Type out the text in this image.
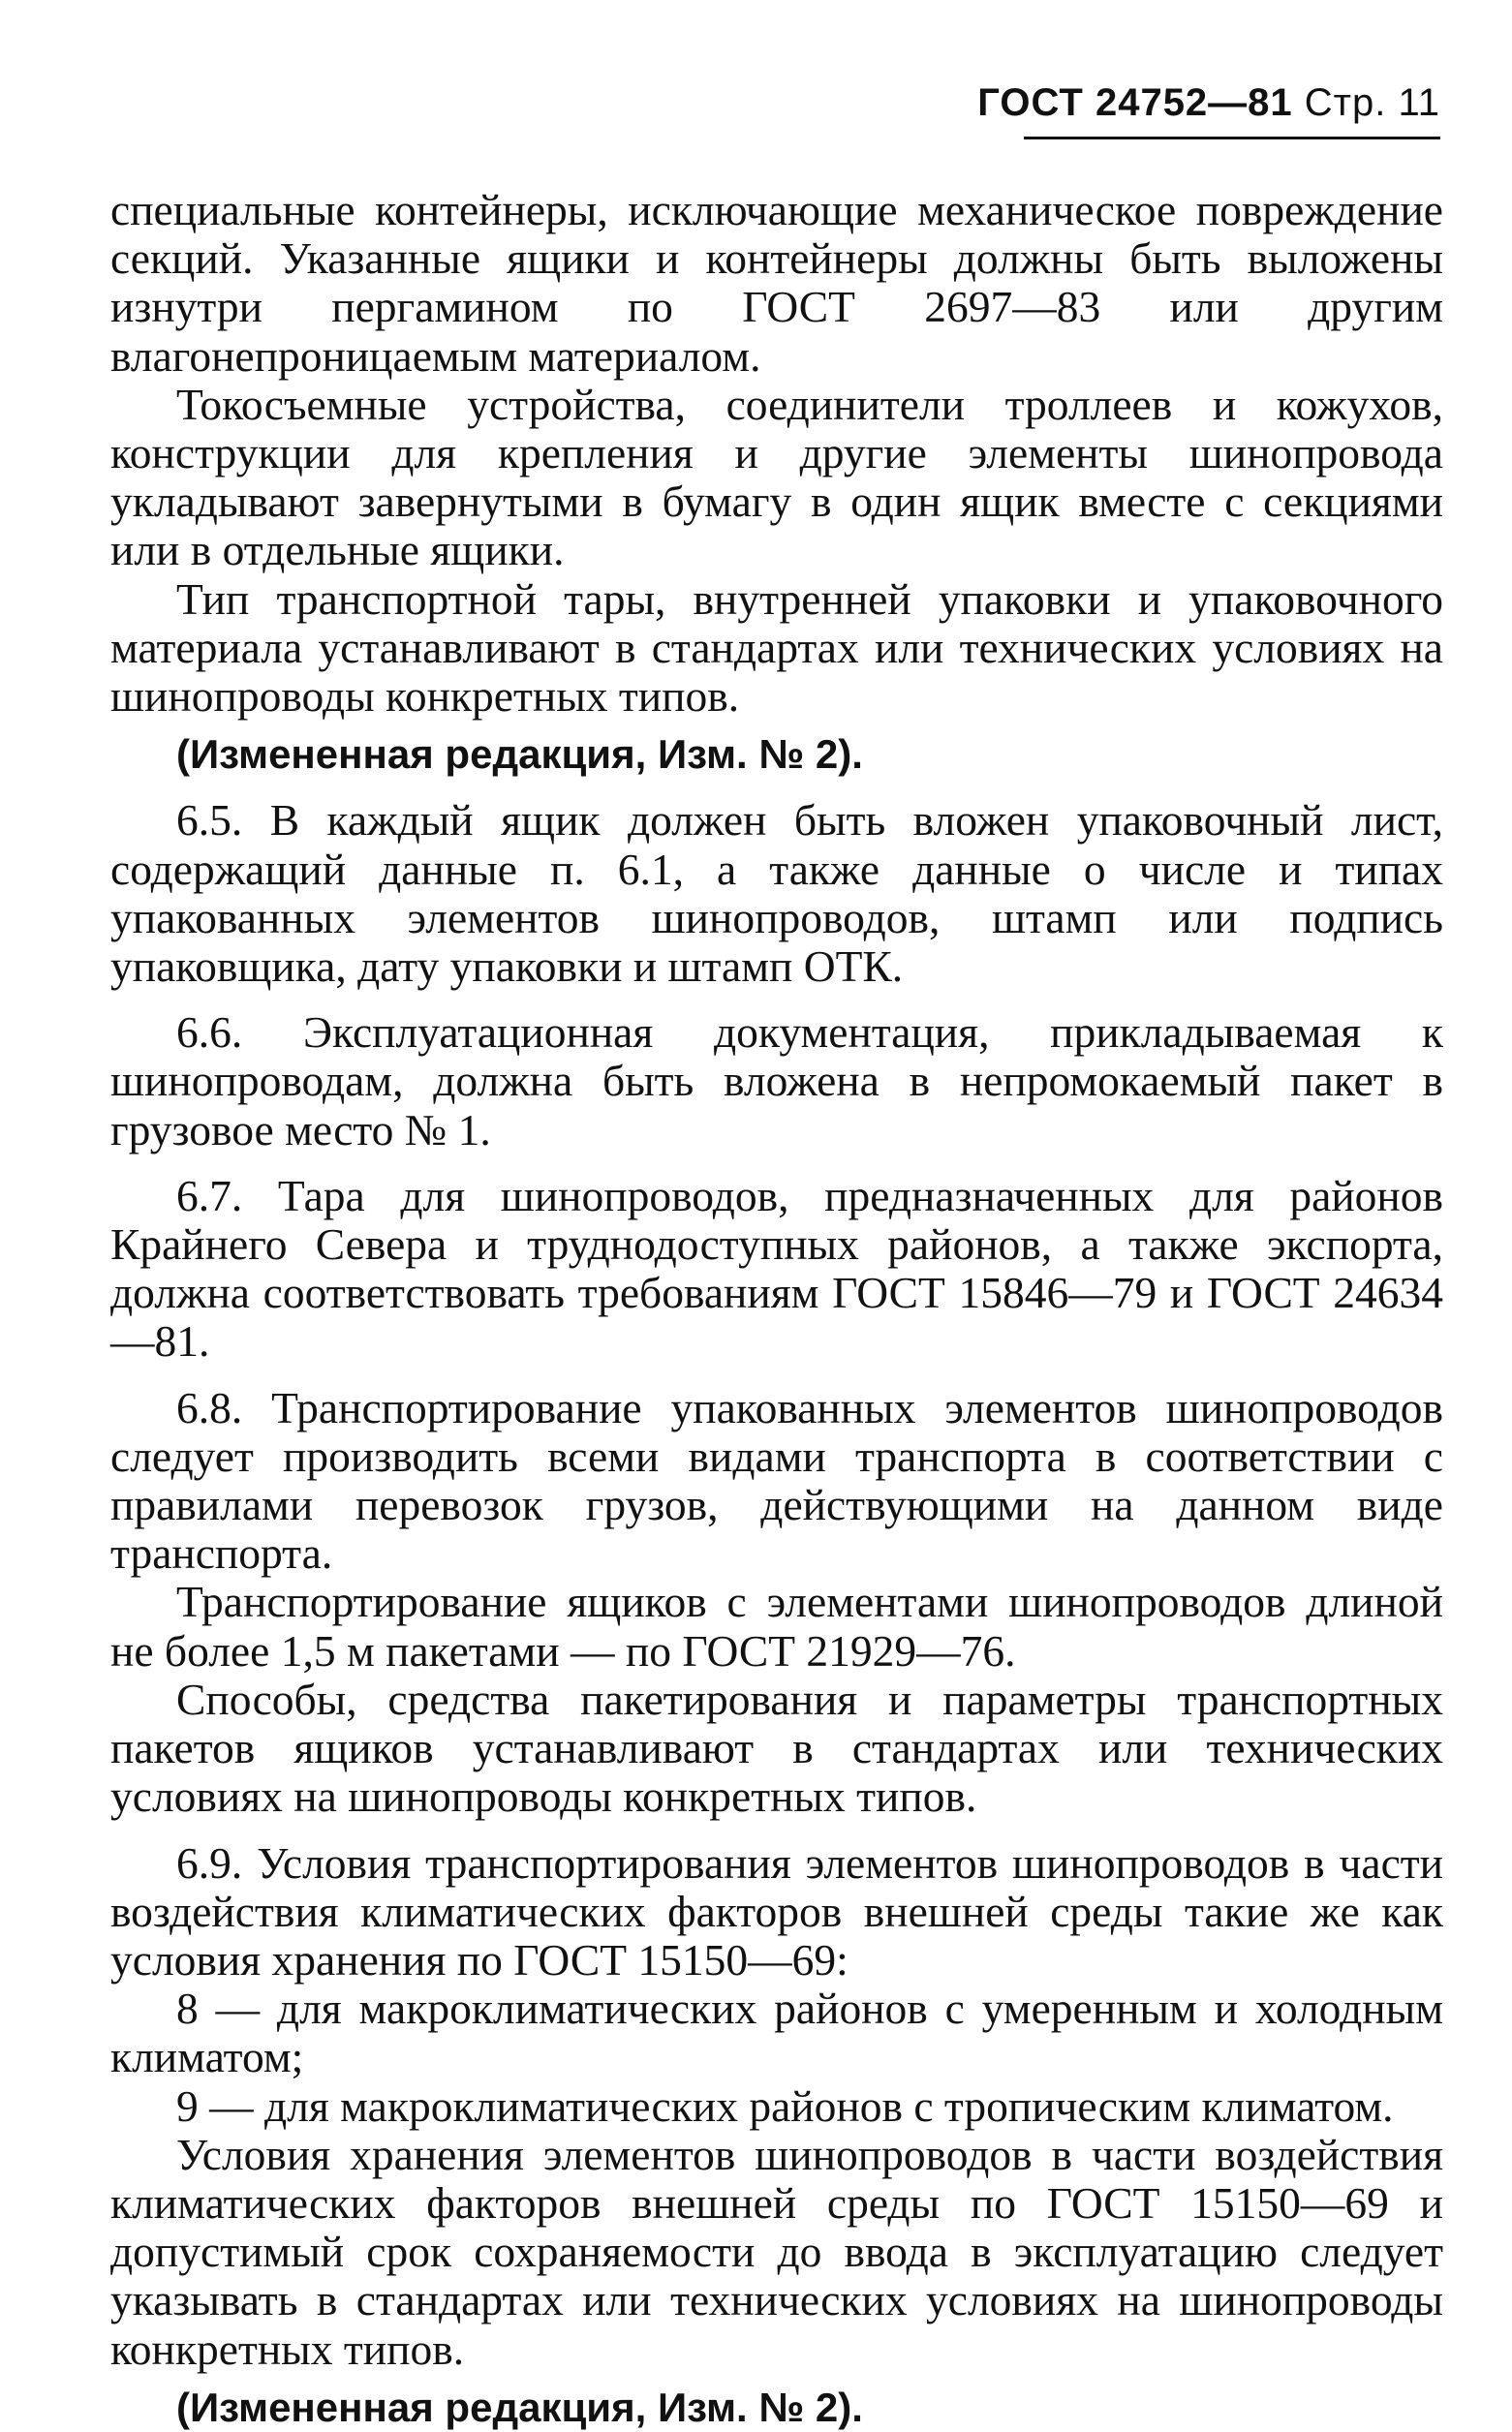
ГОСТ 24752—81 Стр. 11

специальные контейнеры, исключающие механическое повреждение секций. Указанные ящики и контейнеры должны быть выложены изнутри пергамином по ГОСТ 2697—83 или другим влагонепроницаемым материалом.

Токосъемные устройства, соединители троллеев и кожухов, конструкции для крепления и другие элементы шинопровода укладывают завернутыми в бумагу в один ящик вместе с секциями или в отдельные ящики.

Тип транспортной тары, внутренней упаковки и упаковочного материала устанавливают в стандартах или технических условиях на шинопроводы конкретных типов.

(Измененная редакция, Изм. № 2).

6.5. В каждый ящик должен быть вложен упаковочный лист, содержащий данные п. 6.1, а также данные о числе и типах упакованных элементов шинопроводов, штамп или подпись упаковщика, дату упаковки и штамп ОТК.

6.6. Эксплуатационная документация, прикладываемая к шинопроводам, должна быть вложена в непромокаемый пакет в грузовое место № 1.

6.7. Тара для шинопроводов, предназначенных для районов Крайнего Севера и труднодоступных районов, а также экспорта, должна соответствовать требованиям ГОСТ 15846—79 и ГОСТ 24634—81.

6.8. Транспортирование упакованных элементов шинопроводов следует производить всеми видами транспорта в соответствии с правилами перевозок грузов, действующими на данном виде транспорта.

Транспортирование ящиков с элементами шинопроводов длиной не более 1,5 м пакетами — по ГОСТ 21929—76.

Способы, средства пакетирования и параметры транспортных пакетов ящиков устанавливают в стандартах или технических условиях на шинопроводы конкретных типов.

6.9. Условия транспортирования элементов шинопроводов в части воздействия климатических факторов внешней среды такие же как условия хранения по ГОСТ 15150—69:

8 — для макроклиматических районов с умеренным и холодным климатом;

9 — для макроклиматических районов с тропическим климатом.

Условия хранения элементов шинопроводов в части воздействия климатических факторов внешней среды по ГОСТ 15150—69 и допустимый срок сохраняемости до ввода в эксплуатацию следует указывать в стандартах или технических условиях на шинопроводы конкретных типов.

(Измененная редакция, Изм. № 2).
